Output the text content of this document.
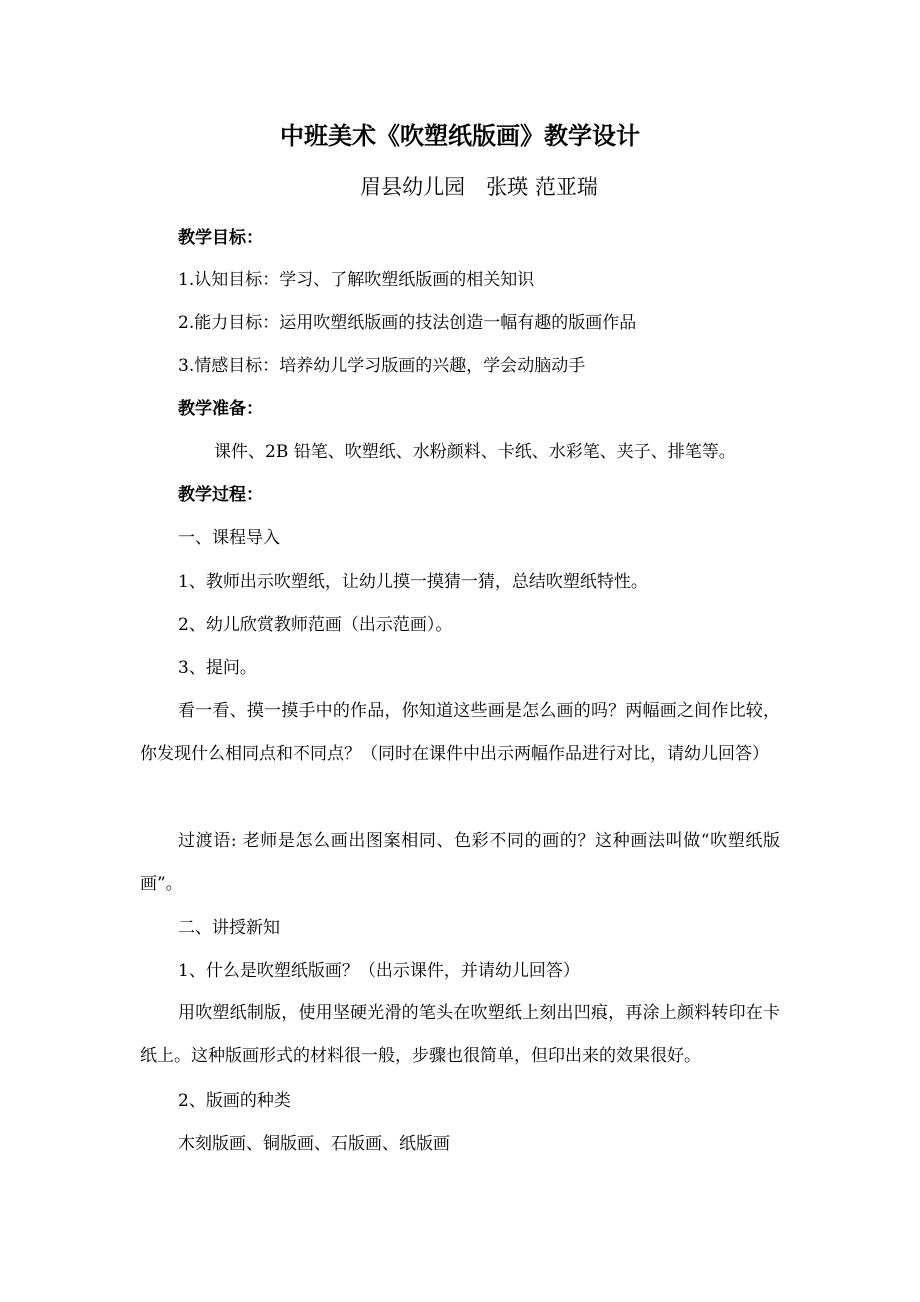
中班美术《吹塑纸版画》教学设计
眉县幼儿园　张瑛 范亚瑞
教学目标：
1.认知目标：学习、了解吹塑纸版画的相关知识
2.能力目标：运用吹塑纸版画的技法创造一幅有趣的版画作品
3.情感目标：培养幼儿学习版画的兴趣，学会动脑动手
教学准备：
课件、2B 铅笔、吹塑纸、水粉颜料、卡纸、水彩笔、夹子、排笔等。
教学过程：
一、课程导入
1、教师出示吹塑纸，让幼儿摸一摸猜一猜，总结吹塑纸特性。
2、幼儿欣赏教师范画（出示范画）。
3、提问。
看一看、摸一摸手中的作品，你知道这些画是怎么画的吗？两幅画之间作比较，你发现什么相同点和不同点？（同时在课件中出示两幅作品进行对比，请幼儿回答）
过渡语: 老师是怎么画出图案相同、色彩不同的画的？这种画法叫做“吹塑纸版画”。
二、讲授新知
1、什么是吹塑纸版画？（出示课件，并请幼儿回答）
用吹塑纸制版，使用坚硬光滑的笔头在吹塑纸上刻出凹痕，再涂上颜料转印在卡纸上。这种版画形式的材料很一般，步骤也很简单，但印出来的效果很好。
2、版画的种类
木刻版画、铜版画、石版画、纸版画
